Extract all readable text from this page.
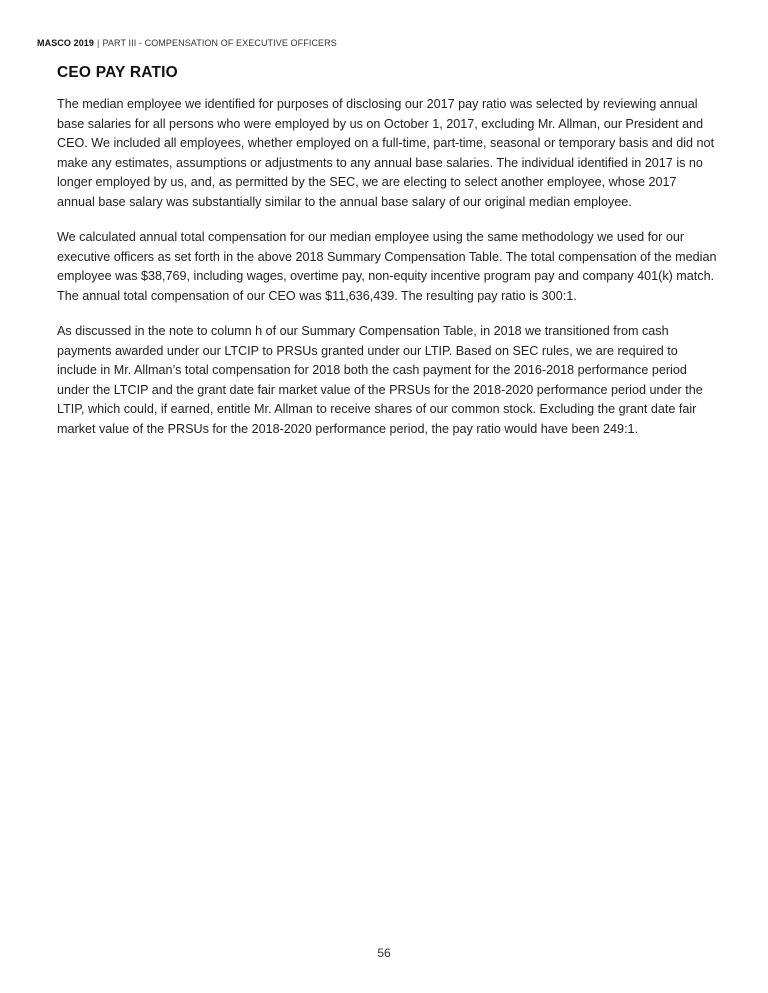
MASCO 2019 | PART III - COMPENSATION OF EXECUTIVE OFFICERS
CEO PAY RATIO

The median employee we identified for purposes of disclosing our 2017 pay ratio was selected by reviewing annual base salaries for all persons who were employed by us on October 1, 2017, excluding Mr. Allman, our President and CEO. We included all employees, whether employed on a full-time, part-time, seasonal or temporary basis and did not make any estimates, assumptions or adjustments to any annual base salaries. The individual identified in 2017 is no longer employed by us, and, as permitted by the SEC, we are electing to select another employee, whose 2017 annual base salary was substantially similar to the annual base salary of our original median employee.

We calculated annual total compensation for our median employee using the same methodology we used for our executive officers as set forth in the above 2018 Summary Compensation Table. The total compensation of the median employee was $38,769, including wages, overtime pay, non-equity incentive program pay and company 401(k) match. The annual total compensation of our CEO was $11,636,439. The resulting pay ratio is 300:1.

As discussed in the note to column h of our Summary Compensation Table, in 2018 we transitioned from cash payments awarded under our LTCIP to PRSUs granted under our LTIP. Based on SEC rules, we are required to include in Mr. Allman’s total compensation for 2018 both the cash payment for the 2016-2018 performance period under the LTCIP and the grant date fair market value of the PRSUs for the 2018-2020 performance period under the LTIP, which could, if earned, entitle Mr. Allman to receive shares of our common stock. Excluding the grant date fair market value of the PRSUs for the 2018-2020 performance period, the pay ratio would have been 249:1.

56
